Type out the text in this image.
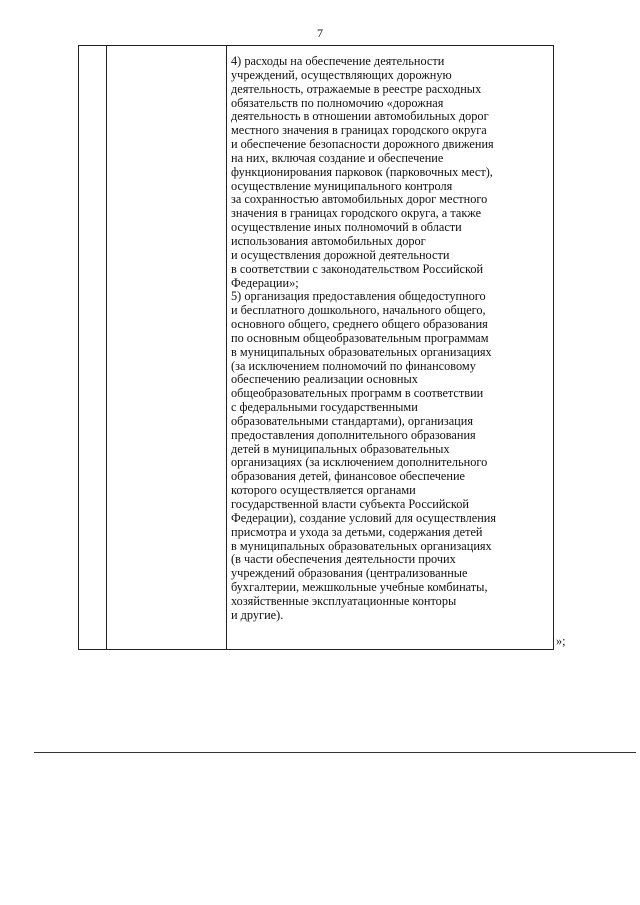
7

4) расходы на обеспечение деятельности
учреждений, осуществляющих дорожную
деятельность, отражаемые в реестре расходных
обязательств по полномочию «дорожная
деятельность в отношении автомобильных дорог
местного значения в границах городского округа
и обеспечение безопасности дорожного движения
на них, включая создание и обеспечение
функционирования парковок (парковочных мест),
осуществление муниципального контроля
за сохранностью автомобильных дорог местного
значения в границах городского округа, а также
осуществление иных полномочий в области
использования автомобильных дорог
и осуществления дорожной деятельности
в соответствии с законодательством Российской
Федерации»;

5) организация предоставления общедоступного
и бесплатного дошкольного, начального общего,
основного общего, среднего общего образования
по основным общеобразовательным программам
в муниципальных образовательных организациях
(за исключением полномочий по финансовому
обеспечению реализации основных
общеобразовательных программ в соответствии
с федеральными государственными
образовательными стандартами), организация
предоставления дополнительного образования
детей в муниципальных образовательных
организациях (за исключением дополнительного
образования детей, финансовое обеспечение
которого осуществляется органами
государственной власти субъекта Российской
Федерации), создание условий для осуществления
присмотра и ухода за детьми, содержания детей
в муниципальных образовательных организациях
(в части обеспечения деятельности прочих
учреждений образования (централизованные
бухгалтерии, межшкольные учебные комбинаты,
хозяйственные эксплуатационные конторы
и другие).

»;
